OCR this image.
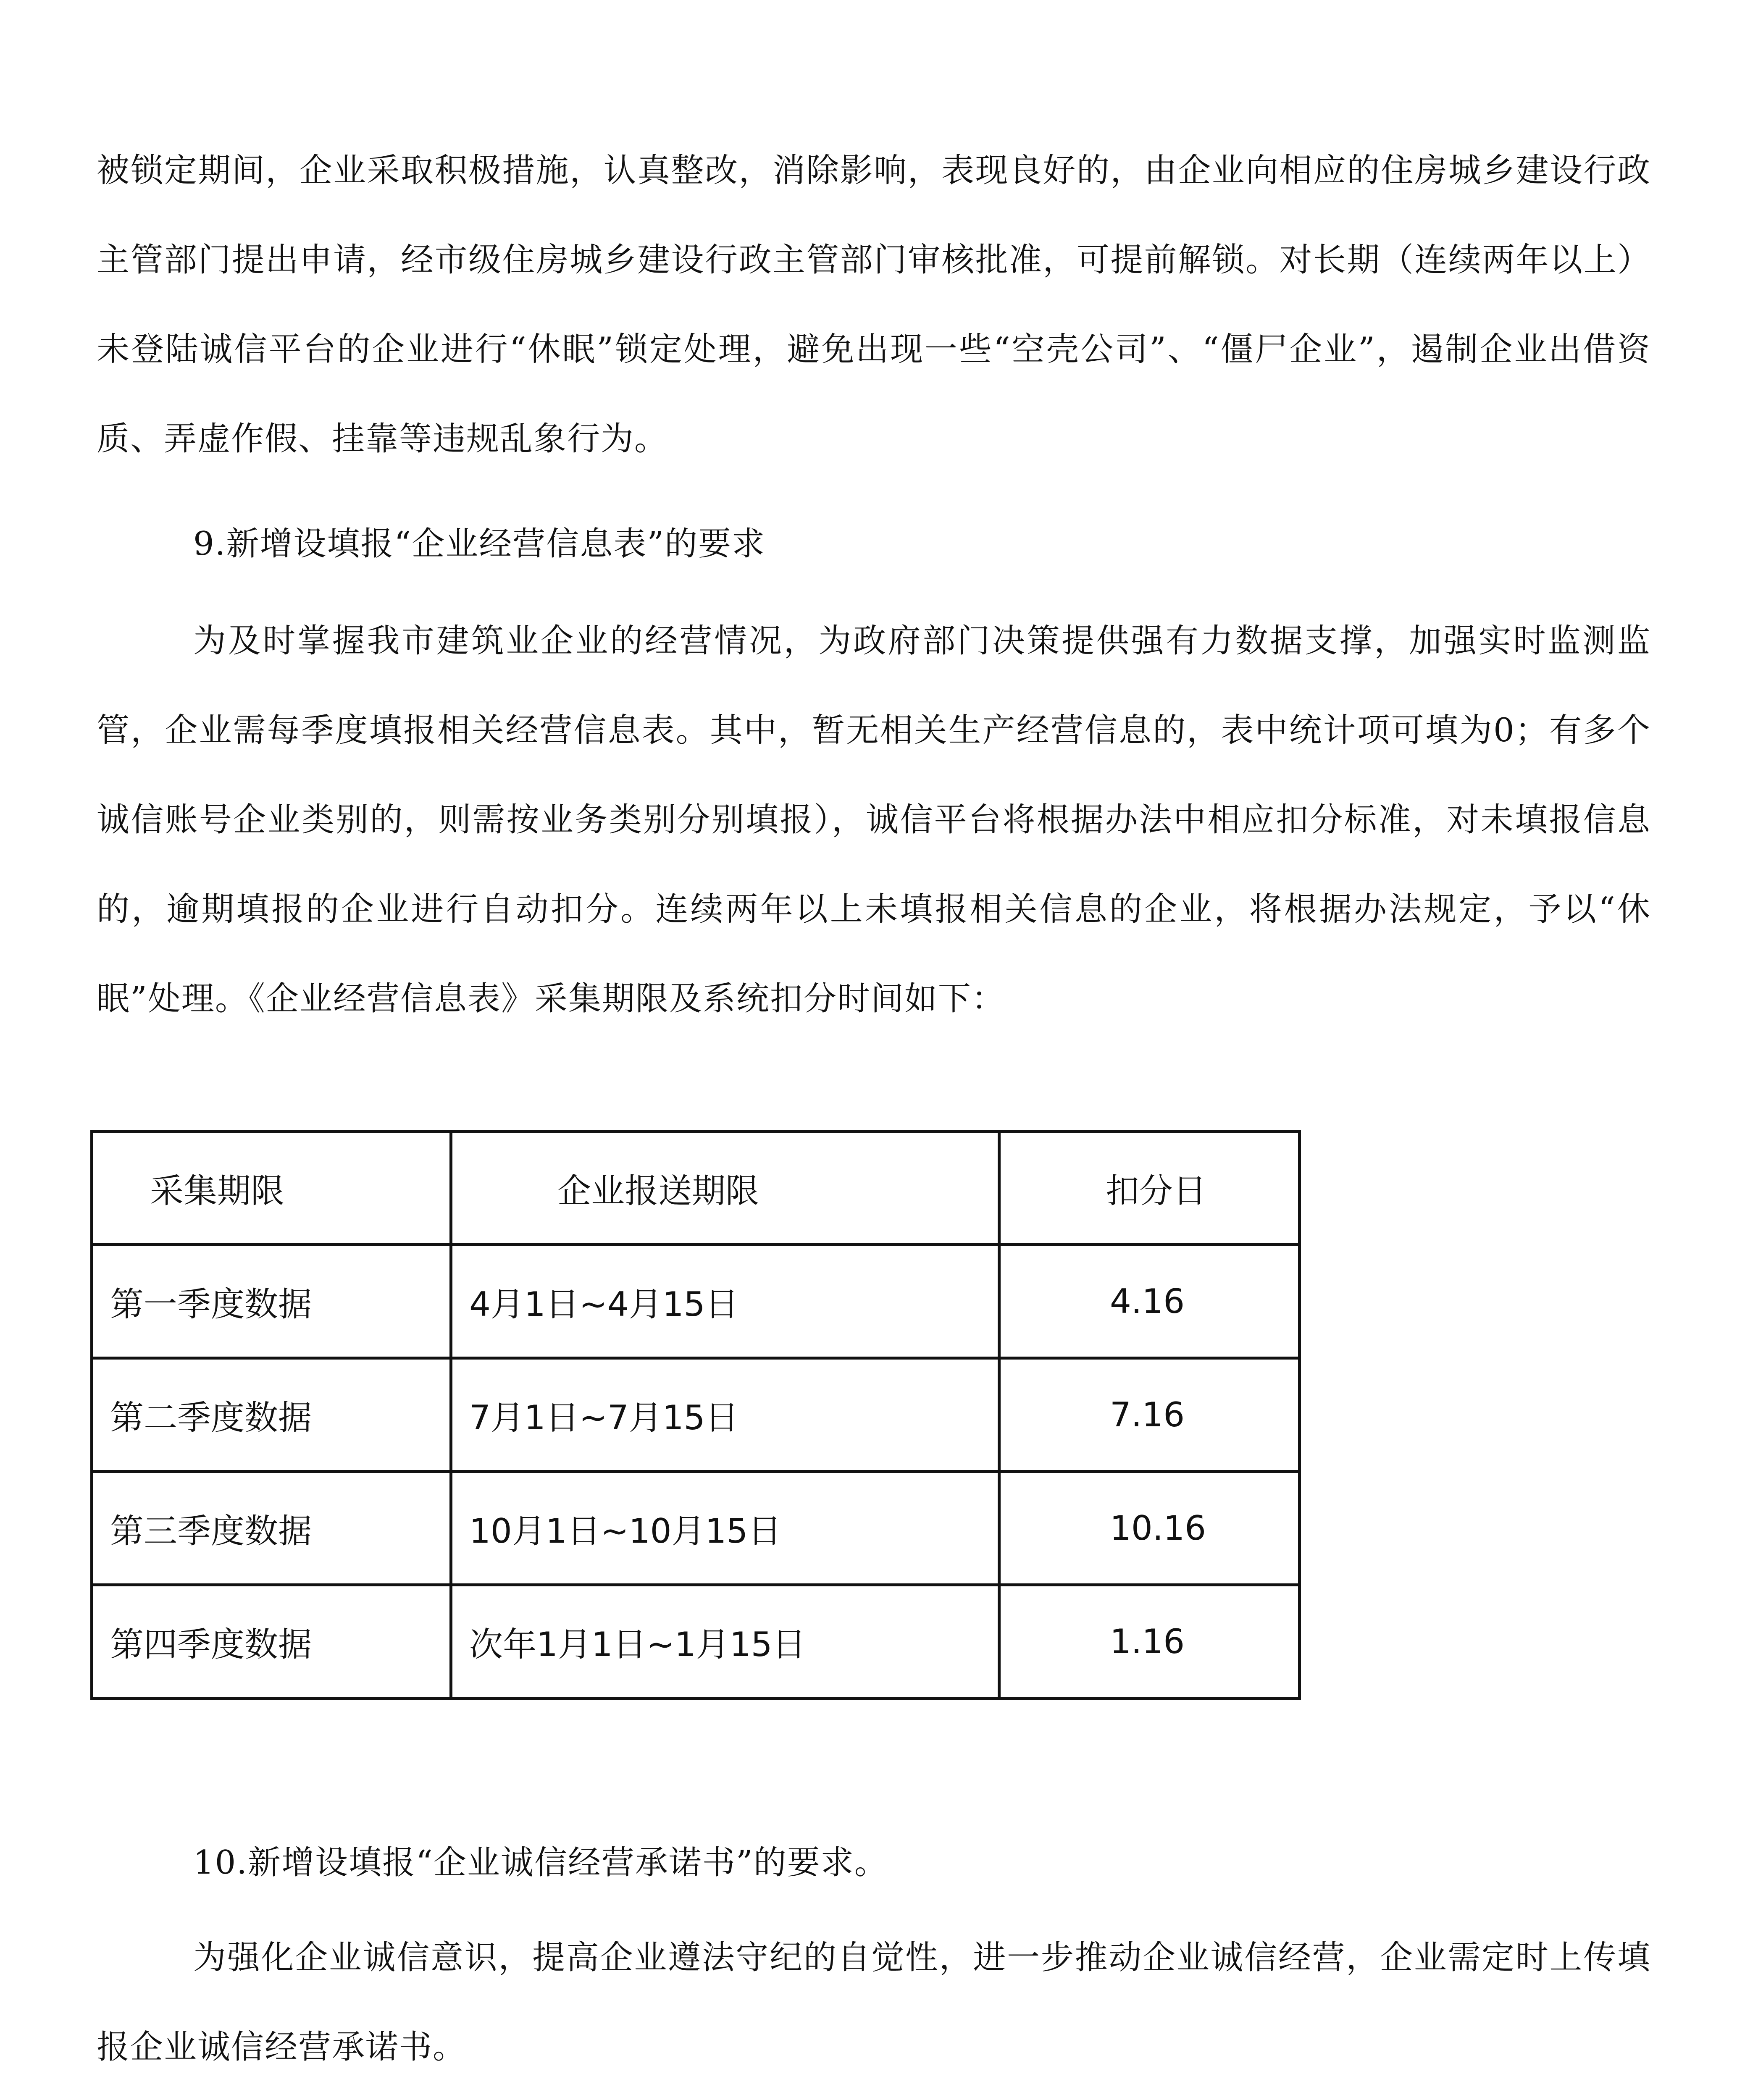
被锁定期间，企业采取积极措施，认真整改，消除影响，表现良好的，由企业向相应的住房城乡建设行政主管部门提出申请，经市级住房城乡建设行政主管部门审核批准，可提前解锁。对长期（连续两年以上）未登陆诚信平台的企业进行“休眠”锁定处理，避免出现一些“空壳公司”、“僵尸企业”，遏制企业出借资质、弄虚作假、挂靠等违规乱象行为。

9.新增设填报“企业经营信息表”的要求

为及时掌握我市建筑业企业的经营情况，为政府部门决策提供强有力数据支撑，加强实时监测监管，企业需每季度填报相关经营信息表。其中，暂无相关生产经营信息的，表中统计项可填为0；有多个诚信账号企业类别的，则需按业务类别分别填报），诚信平台将根据办法中相应扣分标准，对未填报信息的，逾期填报的企业进行自动扣分。连续两年以上未填报相关信息的企业，将根据办法规定，予以“休眠”处理。《企业经营信息表》采集期限及系统扣分时间如下：

采集期限	企业报送期限	扣分日
第一季度数据	4月1日~4月15日	4.16
第二季度数据	7月1日~7月15日	7.16
第三季度数据	10月1日~10月15日	10.16
第四季度数据	次年1月1日~1月15日	1.16

10.新增设填报“企业诚信经营承诺书”的要求。

为强化企业诚信意识，提高企业遵法守纪的自觉性，进一步推动企业诚信经营，企业需定时上传填报企业诚信经营承诺书。
